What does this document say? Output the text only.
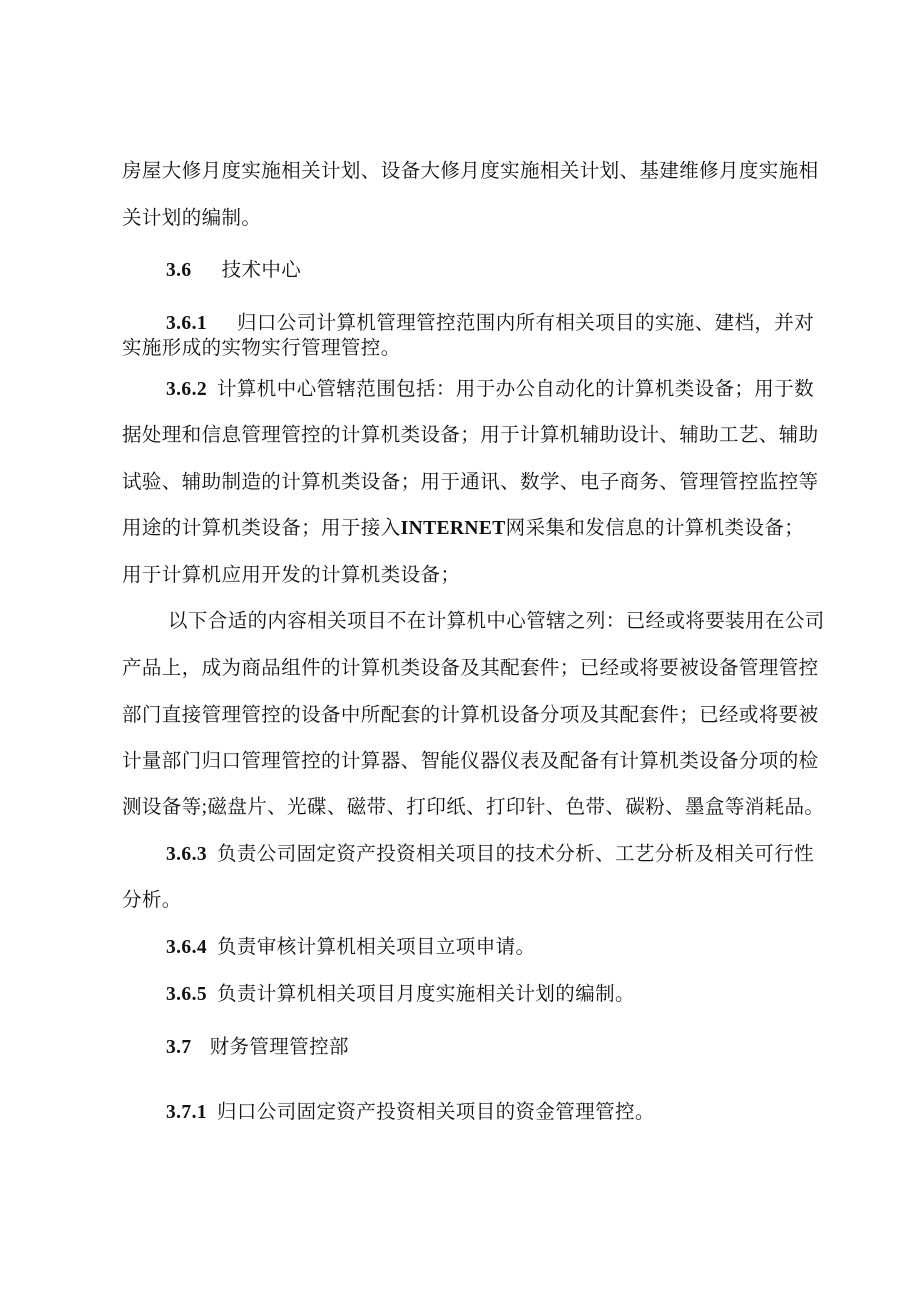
房屋大修月度实施相关计划、设备大修月度实施相关计划、基建维修月度实施相
关计划的编制。
3.6 技术中心
3.6.1 归口公司计算机管理管控范围内所有相关项目的实施、建档，并对
实施形成的实物实行管理管控。
3.6.2 计算机中心管辖范围包括：用于办公自动化的计算机类设备；用于数
据处理和信息管理管控的计算机类设备；用于计算机辅助设计、辅助工艺、辅助
试验、辅助制造的计算机类设备；用于通讯、数学、电子商务、管理管控监控等
用途的计算机类设备；用于接入INTERNET网采集和发信息的计算机类设备；
用于计算机应用开发的计算机类设备；
以下合适的内容相关项目不在计算机中心管辖之列：已经或将要装用在公司
产品上，成为商品组件的计算机类设备及其配套件；已经或将要被设备管理管控
部门直接管理管控的设备中所配套的计算机设备分项及其配套件；已经或将要被
计量部门归口管理管控的计算器、智能仪器仪表及配备有计算机类设备分项的检
测设备等;磁盘片、光碟、磁带、打印纸、打印针、色带、碳粉、墨盒等消耗品。
3.6.3 负责公司固定资产投资相关项目的技术分析、工艺分析及相关可行性
分析。
3.6.4 负责审核计算机相关项目立项申请。
3.6.5 负责计算机相关项目月度实施相关计划的编制。
3.7 财务管理管控部
3.7.1 归口公司固定资产投资相关项目的资金管理管控。
